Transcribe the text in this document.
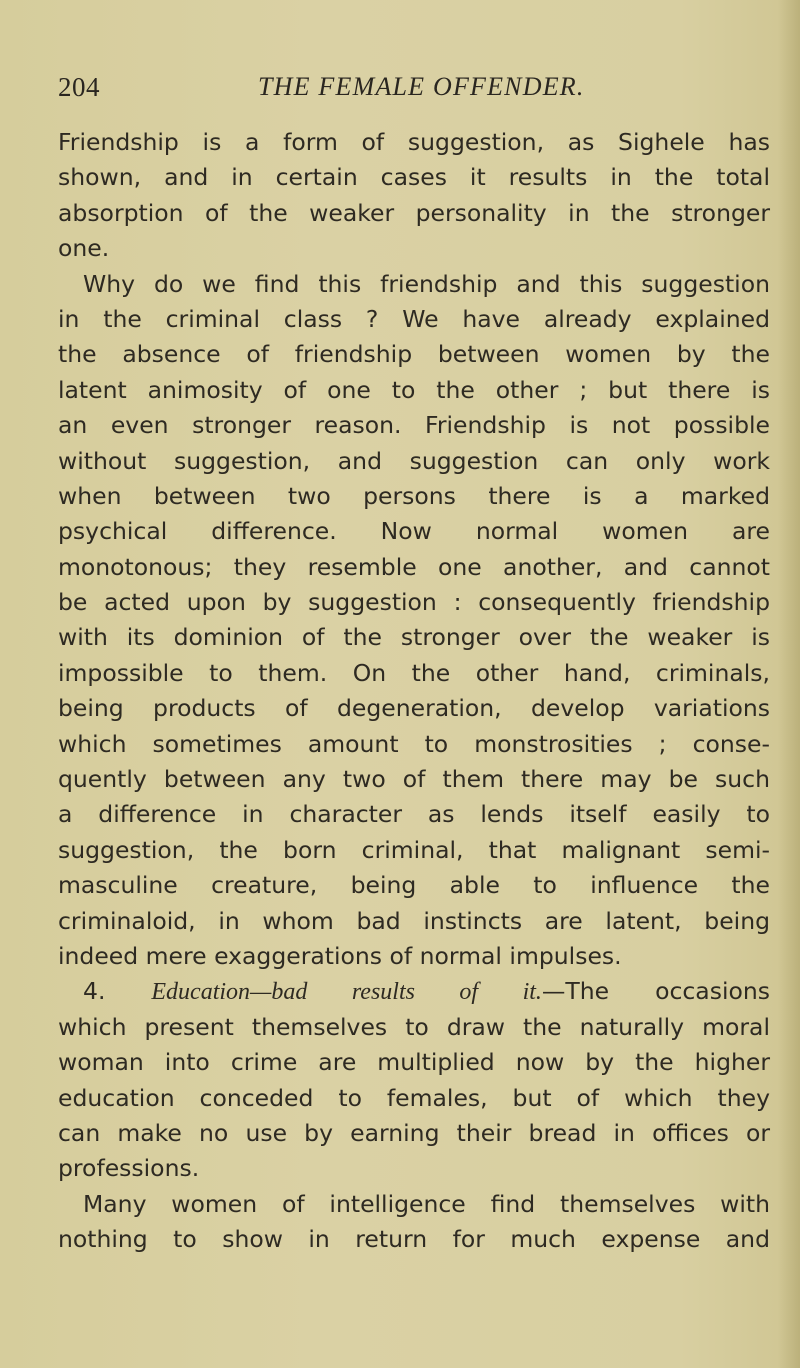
204	THE FEMALE OFFENDER.
Friendship is a form of suggestion, as Sighele has
shown, and in certain cases it results in the total
absorption of the weaker personality in the stronger
one.
Why do we find this friendship and this suggestion
in the criminal class ? We have already explained
the absence of friendship between women by the
latent animosity of one to the other ; but there is
an even stronger reason. Friendship is not possible
without suggestion, and suggestion can only work
when between two persons there is a marked
psychical difference. Now normal women are
monotonous; they resemble one another, and cannot
be acted upon by suggestion : consequently friendship
with its dominion of the stronger over the weaker is
impossible to them. On the other hand, criminals,
being products of degeneration, develop variations
which sometimes amount to monstrosities ; conse-
quently between any two of them there may be such
a difference in character as lends itself easily to
suggestion, the born criminal, that malignant semi-
masculine creature, being able to influence the
criminaloid, in whom bad instincts are latent, being
indeed mere exaggerations of normal impulses.
4. Education—bad results of it.—The occasions
which present themselves to draw the naturally moral
woman into crime are multiplied now by the higher
education conceded to females, but of which they
can make no use by earning their bread in offices or
professions.
Many women of intelligence find themselves with
nothing to show in return for much expense and
